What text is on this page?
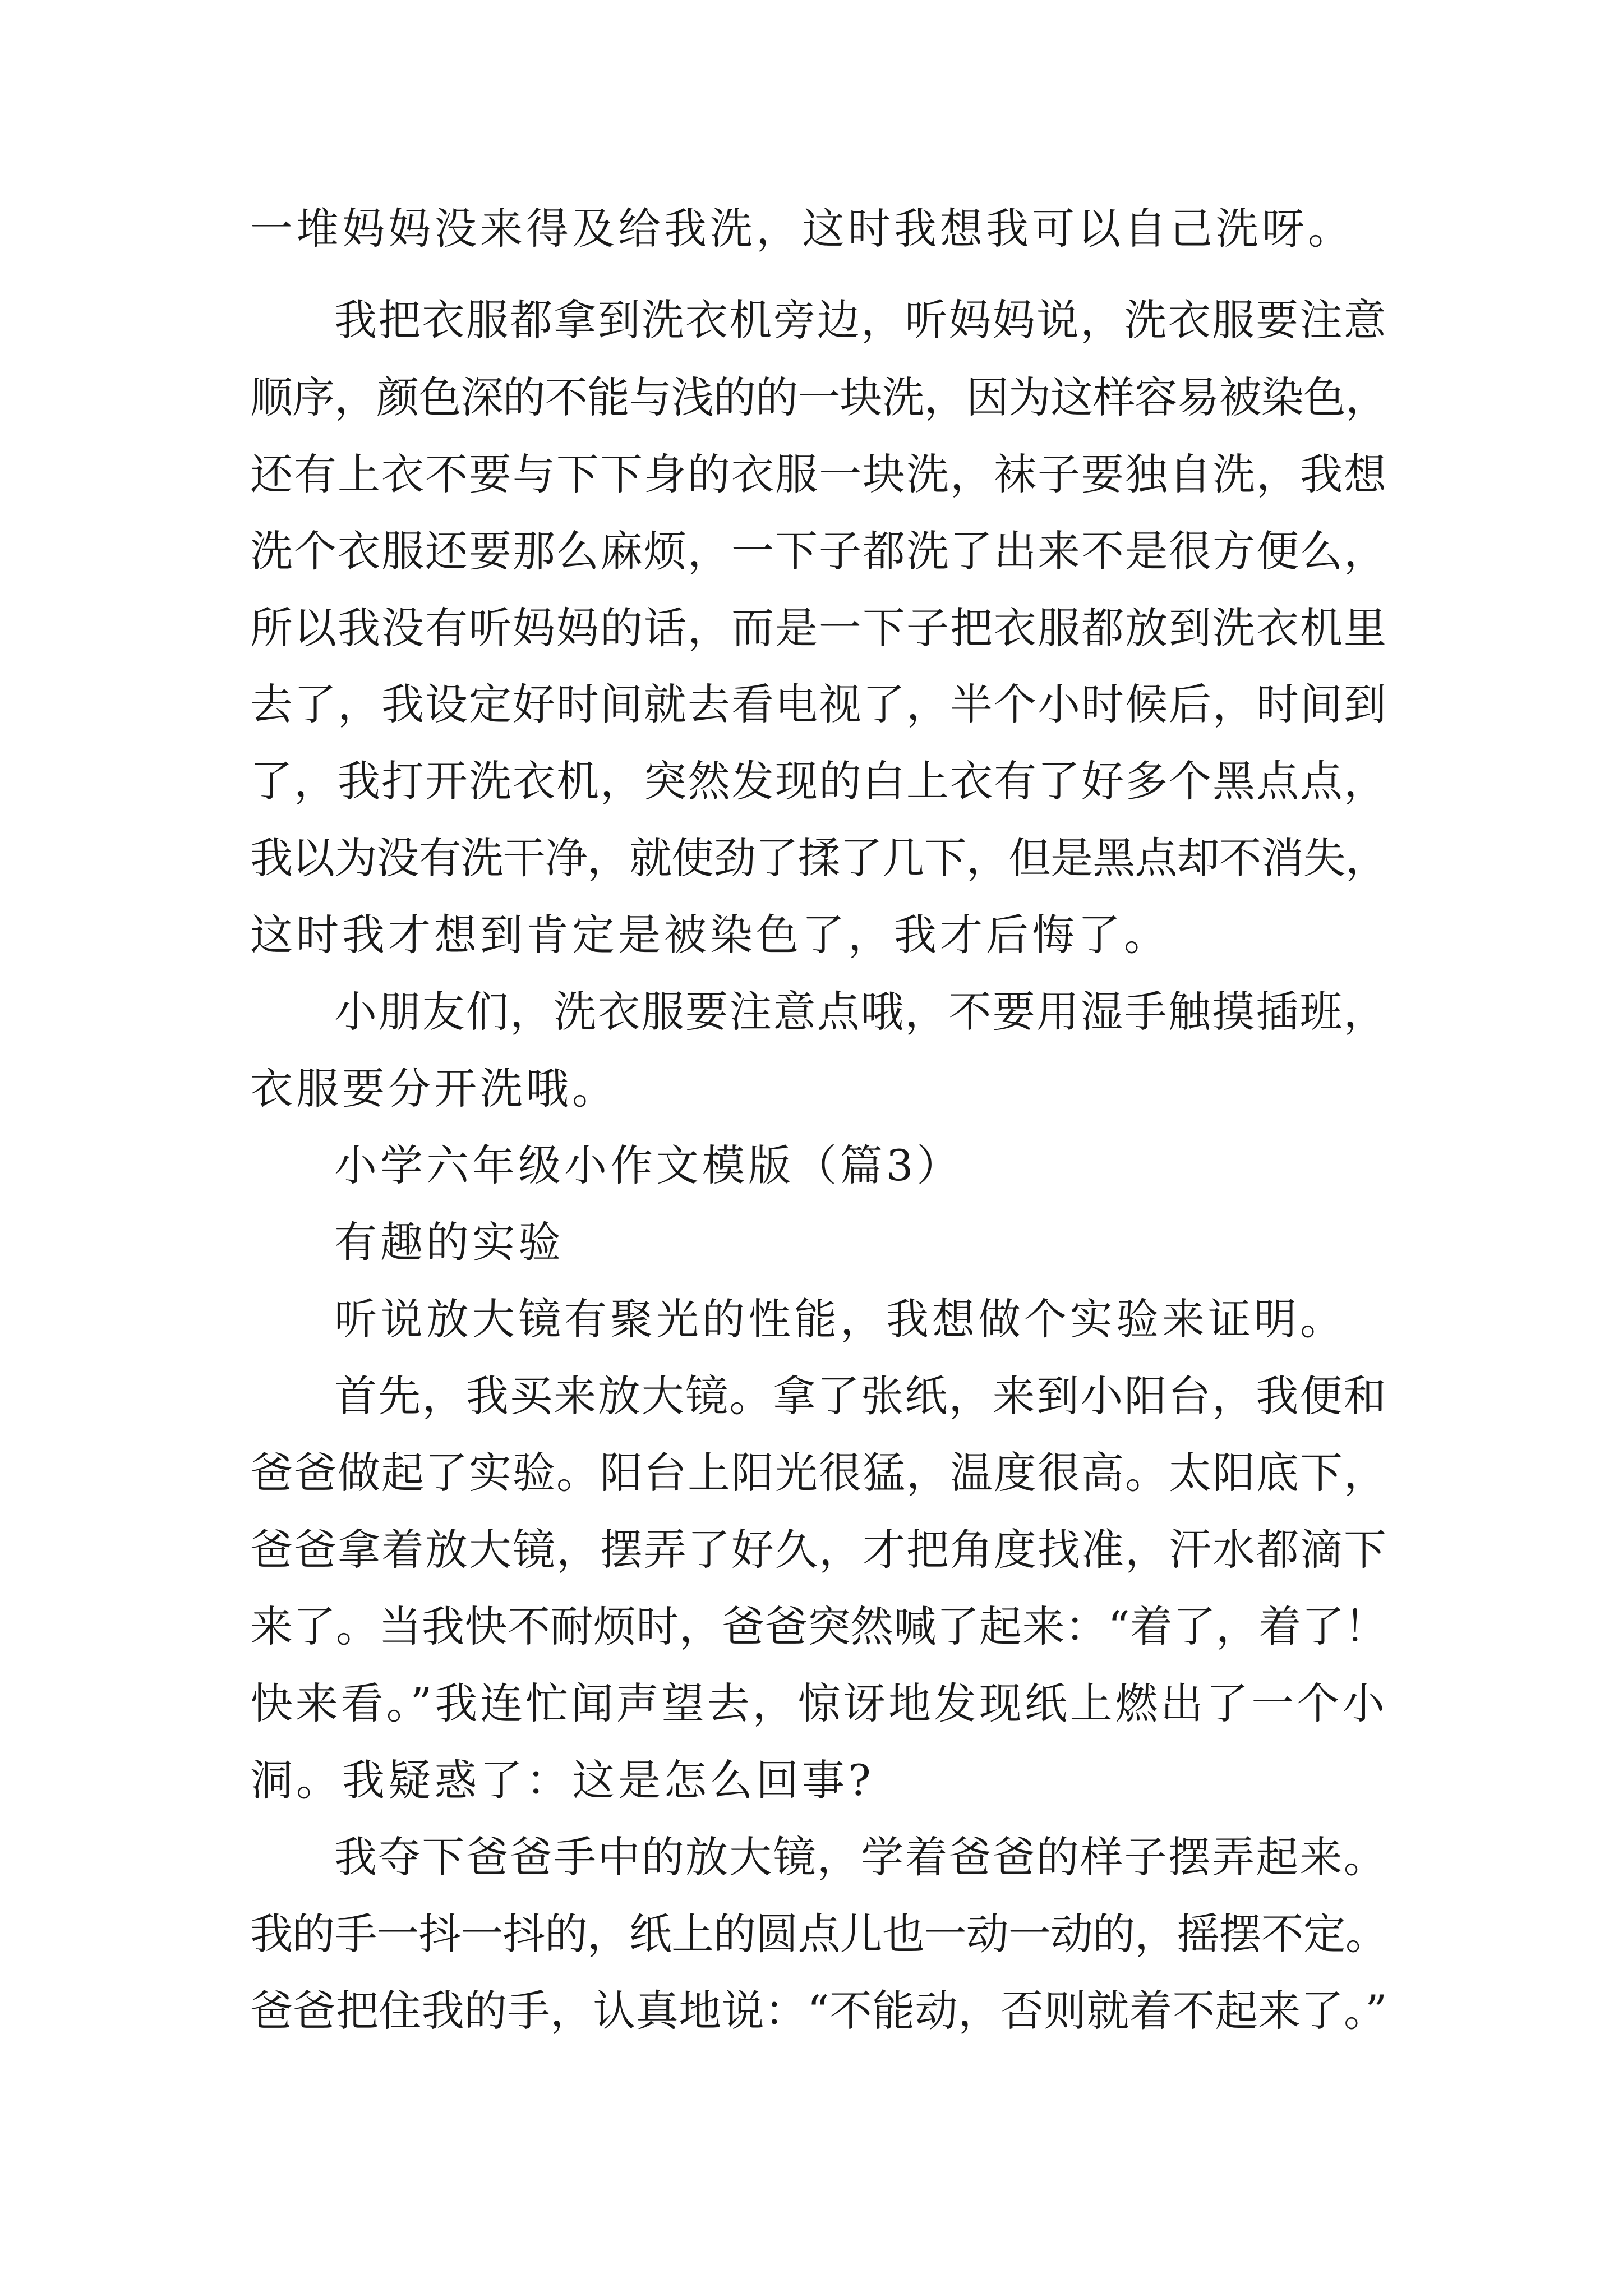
一堆妈妈没来得及给我洗，这时我想我可以自己洗呀。
我把衣服都拿到洗衣机旁边，听妈妈说，洗衣服要注意
顺序，颜色深的不能与浅的的一块洗，因为这样容易被染色，
还有上衣不要与下下身的衣服一块洗，袜子要独自洗，我想
洗个衣服还要那么麻烦，一下子都洗了出来不是很方便么，
所以我没有听妈妈的话，而是一下子把衣服都放到洗衣机里
去了，我设定好时间就去看电视了，半个小时候后，时间到
了，我打开洗衣机，突然发现的白上衣有了好多个黑点点，
我以为没有洗干净，就使劲了揉了几下，但是黑点却不消失，
这时我才想到肯定是被染色了，我才后悔了。
小朋友们，洗衣服要注意点哦，不要用湿手触摸插班，
衣服要分开洗哦。
小学六年级小作文模版（篇3）
有趣的实验
听说放大镜有聚光的性能，我想做个实验来证明。
首先，我买来放大镜。拿了张纸，来到小阳台，我便和
爸爸做起了实验。阳台上阳光很猛，温度很高。太阳底下，
爸爸拿着放大镜，摆弄了好久，才把角度找准，汗水都滴下
来了。当我快不耐烦时，爸爸突然喊了起来：“着了，着了！
快来看。”我连忙闻声望去，惊讶地发现纸上燃出了一个小
洞。我疑惑了：这是怎么回事?
我夺下爸爸手中的放大镜，学着爸爸的样子摆弄起来。
我的手一抖一抖的，纸上的圆点儿也一动一动的，摇摆不定。
爸爸把住我的手，认真地说：“不能动，否则就着不起来了。”
